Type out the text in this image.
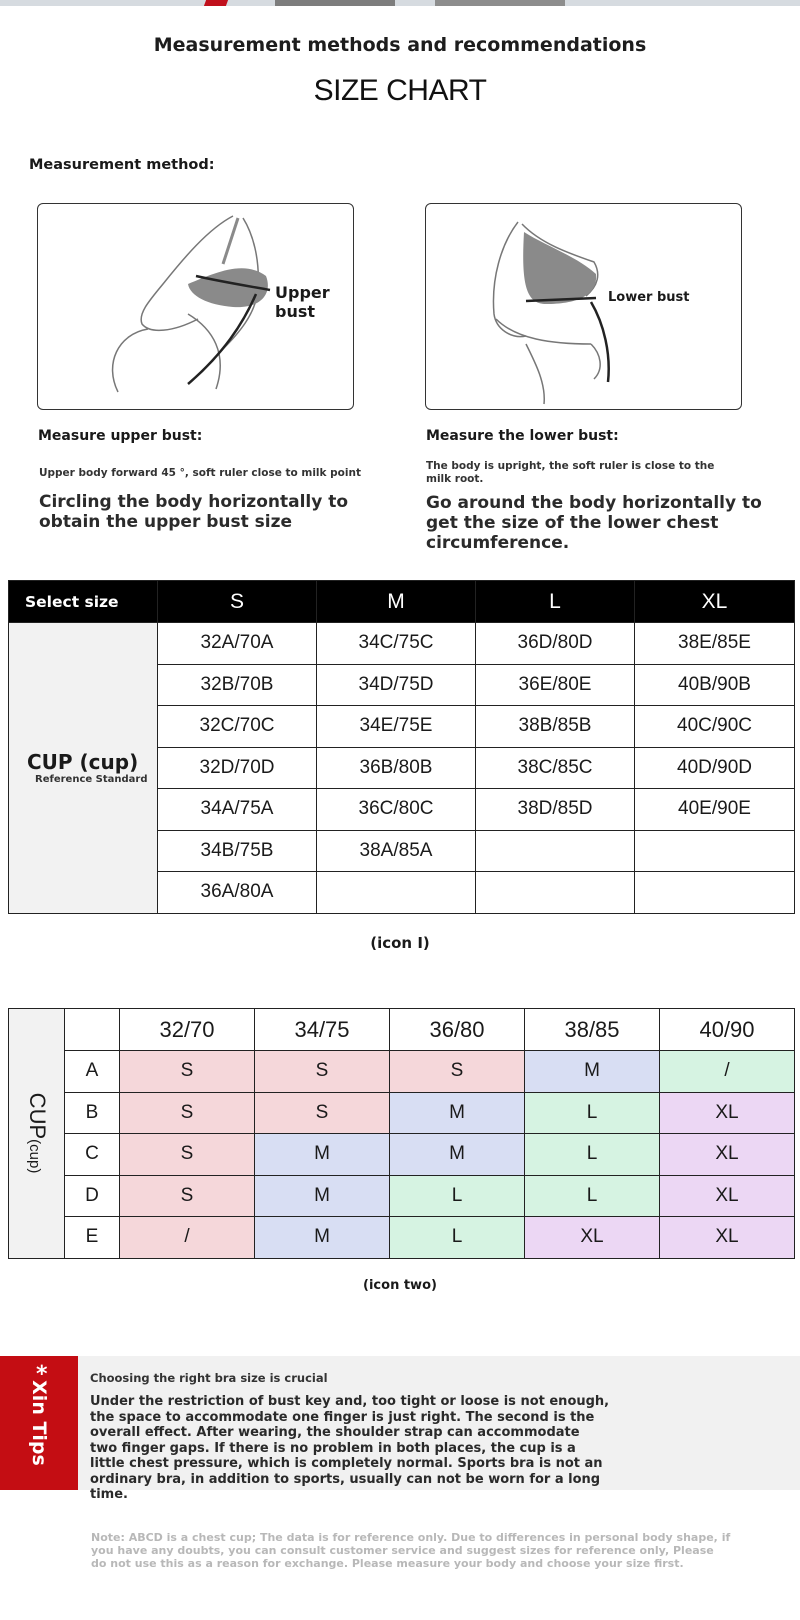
Measurement methods and recommendations
SIZE CHART
Measurement method:
Upper bust
Lower bust
Measure upper bust:
Upper body forward 45 °, soft ruler close to milk point
Circling the body horizontally to obtain the upper bust size
Measure the lower bust:
The body is upright, the soft ruler is close to the milk root.
Go around the body horizontally to get the size of the lower chest circumference.
Select size	S	M	L	XL

CUP (cup)
Reference Standard	32A/70A	34C/75C	36D/80D	38E/85E
	32B/70B	34D/75D	36E/80E	40B/90B
	32C/70C	34E/75E	38B/85B	40C/90C
	32D/70D	36B/80B	38C/85C	40D/90D
	34A/75A	36C/80C	38D/85D	40E/90E
	34B/75B	38A/85A		
	36A/80A			
(icon I)
CUP(cup)		32/70	34/75	36/80	38/85	40/90
	A	S	S	S	M	/
	B	S	S	M	L	XL
	C	S	M	M	L	XL
	D	S	M	L	L	XL
	E	/	M	L	XL	XL
(icon two)
*
Xin Tips
Choosing the right bra size is crucial
Under the restriction of bust key and, too tight or loose is not enough, the space to accommodate one finger is just right. The second is the overall effect. After wearing, the shoulder strap can accommodate two finger gaps. If there is no problem in both places, the cup is a little chest pressure, which is completely normal. Sports bra is not an ordinary bra, in addition to sports, usually can not be worn for a long time.
Note: ABCD is a chest cup; The data is for reference only. Due to differences in personal body shape, if you have any doubts, you can consult customer service and suggest sizes for reference only, Please do not use this as a reason for exchange. Please measure your body and choose your size first.
